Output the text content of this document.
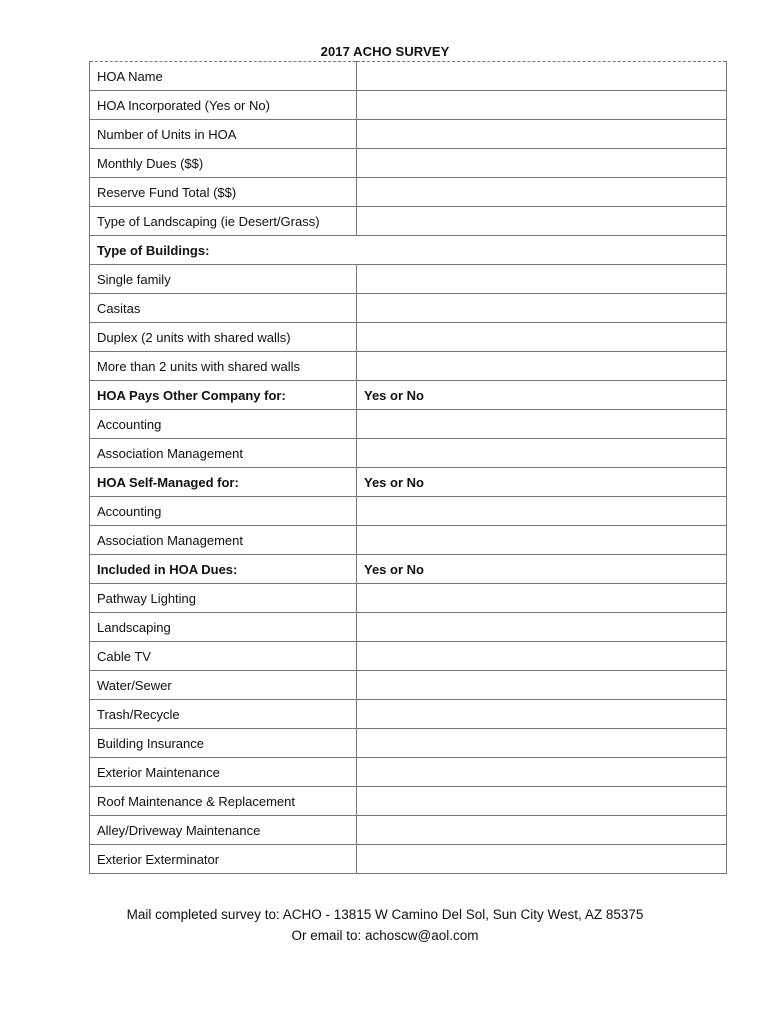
2017 ACHO SURVEY
HOA Name	
HOA Incorporated (Yes or No)	
Number of Units in HOA	
Monthly Dues ($$)	
Reserve Fund Total ($$)	
Type of Landscaping (ie Desert/Grass)	
Type of Buildings:	
Single family	
Casitas	
Duplex (2 units with shared walls)	
More than 2 units with shared walls	
HOA Pays Other Company for:	Yes or No
Accounting	
Association Management	
HOA Self-Managed for:	Yes or No
Accounting	
Association Management	
Included in HOA Dues:	Yes or No
Pathway Lighting	
Landscaping	
Cable TV	
Water/Sewer	
Trash/Recycle	
Building Insurance	
Exterior Maintenance	
Roof Maintenance & Replacement	
Alley/Driveway Maintenance	
Exterior Exterminator	
Mail completed survey to: ACHO - 13815 W Camino Del Sol, Sun City West, AZ 85375
Or email to: achoscw@aol.com
